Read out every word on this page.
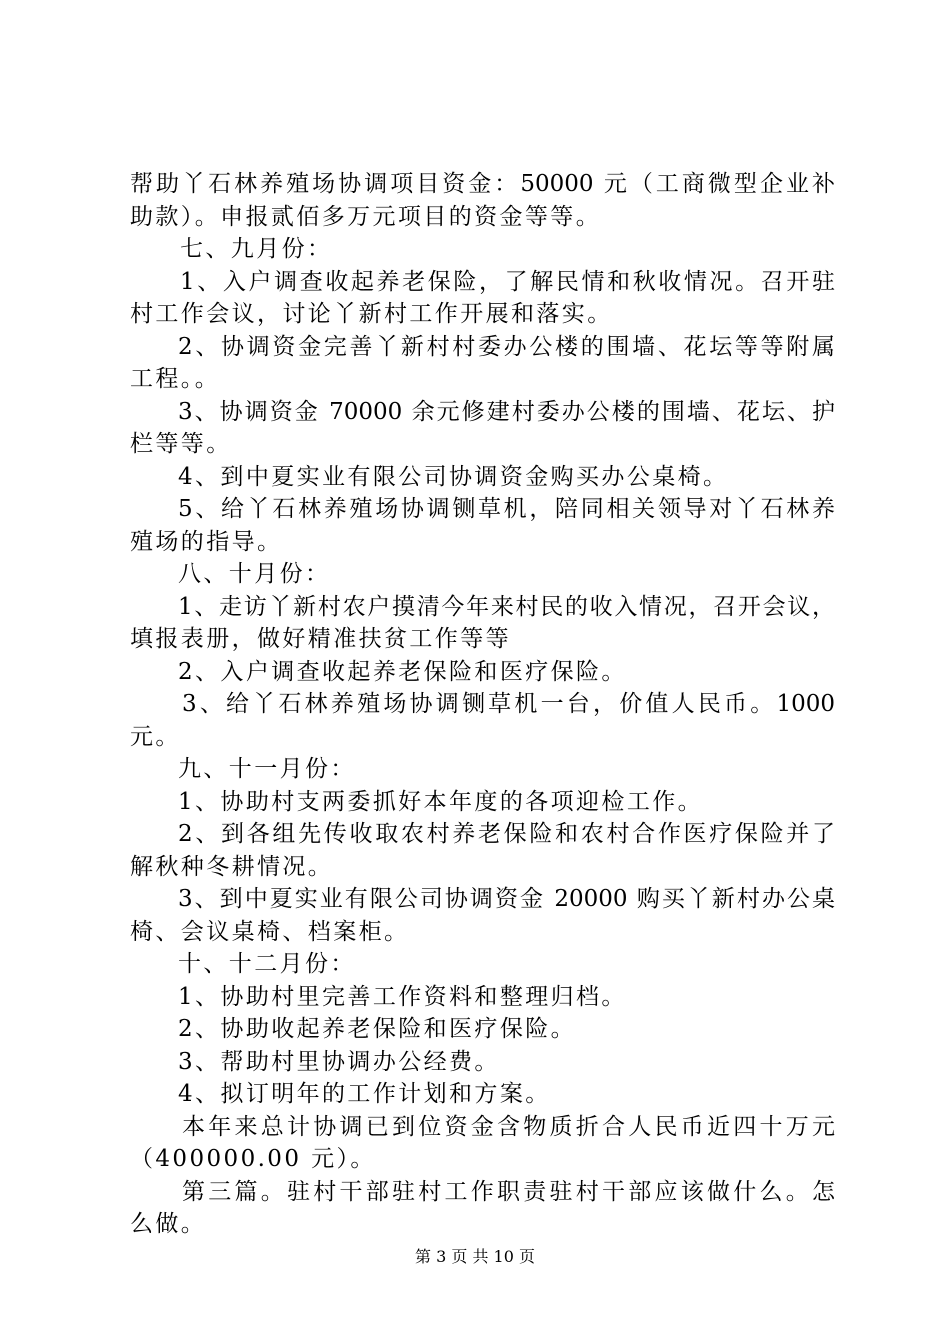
帮助丫石林养殖场协调项目资金：50000 元（工商微型企业补
助款）。申报贰佰多万元项目的资金等等。
七、九月份：
1、入户调查收起养老保险，了解民情和秋收情况。召开驻
村工作会议，讨论丫新村工作开展和落实。
2、协调资金完善丫新村村委办公楼的围墙、花坛等等附属
工程。。
3、协调资金 70000 余元修建村委办公楼的围墙、花坛、护
栏等等。
4、到中夏实业有限公司协调资金购买办公桌椅。
5、给丫石林养殖场协调铡草机，陪同相关领导对丫石林养
殖场的指导。
八、十月份：
1、走访丫新村农户摸清今年来村民的收入情况，召开会议，
填报表册，做好精准扶贫工作等等
2、入户调查收起养老保险和医疗保险。
3、给丫石林养殖场协调铡草机一台，价值人民币。1000
元。
九、十一月份：
1、协助村支两委抓好本年度的各项迎检工作。
2、到各组先传收取农村养老保险和农村合作医疗保险并了
解秋种冬耕情况。
3、到中夏实业有限公司协调资金 20000 购买丫新村办公桌
椅、会议桌椅、档案柜。
十、十二月份：
1、协助村里完善工作资料和整理归档。
2、协助收起养老保险和医疗保险。
3、帮助村里协调办公经费。
4、拟订明年的工作计划和方案。
本年来总计协调已到位资金含物质折合人民币近四十万元
（400000.00 元）。
第三篇。驻村干部驻村工作职责驻村干部应该做什么。怎
么做。
第 3 页 共 10 页
